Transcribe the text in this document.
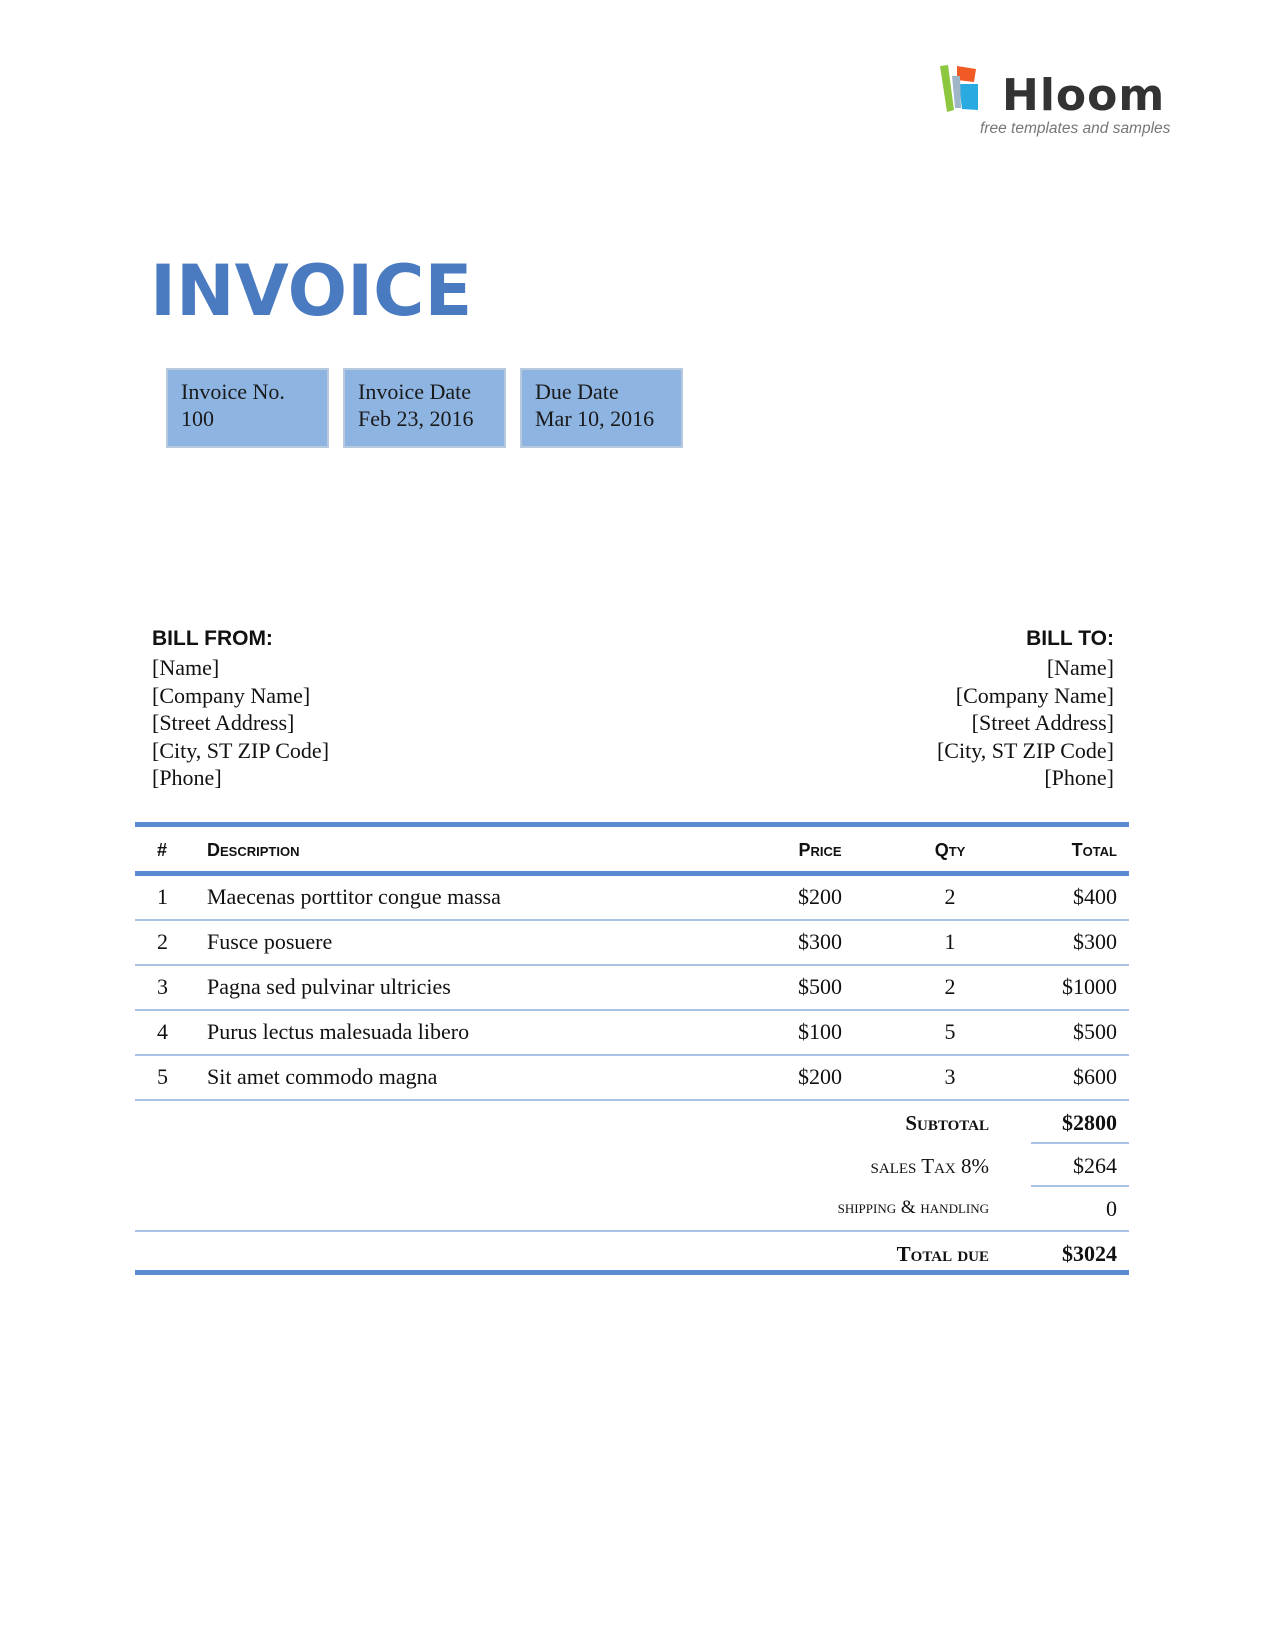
Hloom
free templates and samples
INVOICE
Invoice No.
100
Invoice Date
Feb 23, 2016
Due Date
Mar 10, 2016
BILL FROM:
[Name]
[Company Name]
[Street Address]
[City, ST ZIP Code]
[Phone]
BILL TO:
[Name]
[Company Name]
[Street Address]
[City, ST ZIP Code]
[Phone]
# Description	Price	Qty	Total
1 Maecenas porttitor congue massa	$200	2	$400
2 Fusce posuere	$300	1	$300
3 Pagna sed pulvinar ultricies	$500	2	$1000
4 Purus lectus malesuada libero	$100	5	$500
5 Sit amet commodo magna	$200	3	$600
Subtotal	$2800
sales Tax 8%	$264
shipping & handling	0
Total due	$3024
